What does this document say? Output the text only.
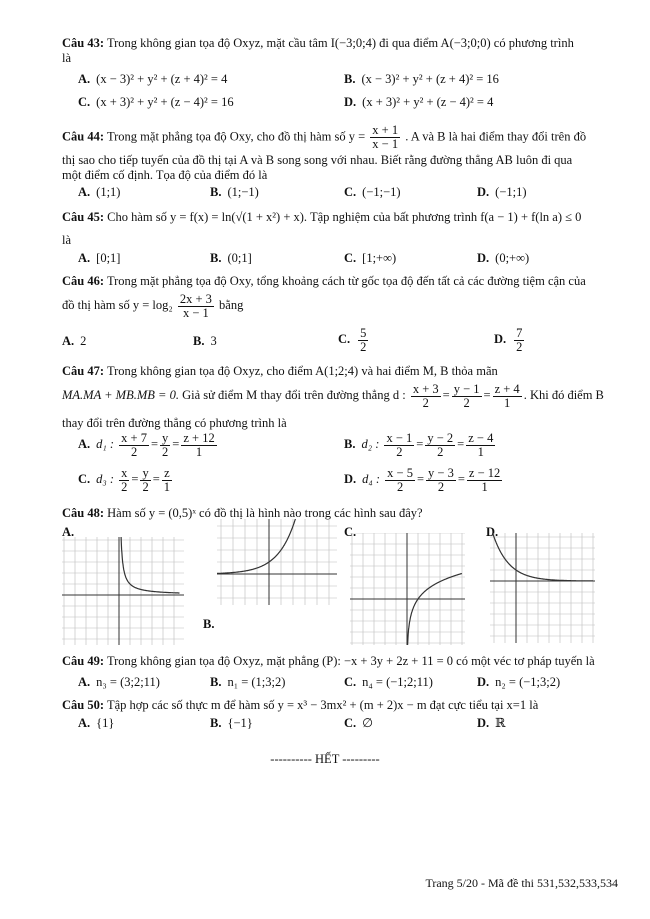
Câu 43: Trong không gian tọa độ Oxyz, mặt cầu tâm I(−3;0;4) đi qua điểm A(−3;0;0) có phương trình
là
A. (x − 3)² + y² + (z + 4)² = 4	B. (x − 3)² + y² + (z + 4)² = 16
C. (x + 3)² + y² + (z − 4)² = 16	D. (x + 3)² + y² + (z − 4)² = 4
Câu 44: Trong mặt phẳng tọa độ Oxy, cho đồ thị hàm số $y = \frac{x + 1}{x - 1}$ . A và B là hai điểm thay đổi trên đồ
thị sao cho tiếp tuyến của đồ thị tại A và B song song với nhau. Biết rằng đường thẳng AB luôn đi qua
một điểm cố định. Tọa độ của điểm đó là
A. (1;1)	B. (1;−1)	C. (−1;−1)	D. (−1;1)
Câu 45: Cho hàm số y = f(x) = ln(√(1 + x²) + x). Tập nghiệm của bất phương trình f(a − 1) + f(ln a) ≤ 0
là
A. [0;1]	B. (0;1]	C. [1;+∞)	D. (0;+∞)
Câu 46: Trong mặt phẳng tọa độ Oxy, tổng khoảng cách từ gốc tọa độ đến tất cả các đường tiệm cận của
đồ thị hàm số $y = \log_2 \frac{2x + 3}{x - 1}$ bằng
A. 2	B. 3	C. $\frac{5}{2}$	D. $\frac{7}{2}$
Câu 47: Trong không gian tọa độ Oxyz, cho điểm A(1;2;4) và hai điểm M, B thỏa mãn
MA.MA + MB.MB = 0. Giả sử điểm M thay đổi trên đường thẳng d : $\frac{x + 3}{2} = \frac{y - 1}{2} = \frac{z + 4}{1}$ . Khi đó điểm B
thay đổi trên đường thẳng có phương trình là
A. d₁ : $\frac{x + 7}{2} = \frac{y}{2} = \frac{z + 12}{1}$	B. d₂ : $\frac{x - 1}{2} = \frac{y - 2}{2} = \frac{z - 4}{1}$
C. d₃ : $\frac{x}{2} = \frac{y}{2} = \frac{z}{1}$	D. d₄ : $\frac{x - 5}{2} = \frac{y - 3}{2} = \frac{z - 12}{1}$
Câu 48: Hàm số y = (0,5)ˣ có đồ thị là hình nào trong các hình sau đây?
A.
B.
C.	D.
Câu 49: Trong không gian tọa độ Oxyz, mặt phẳng (P): −x + 3y + 2z + 11 = 0 có một véc tơ pháp tuyến là
A. n₃ = (3;2;11)	B. n₁ = (1;3;2)	C. n₄ = (−1;2;11)	D. n₂ = (−1;3;2)
Câu 50: Tập hợp các số thực m để hàm số y = x³ − 3mx² + (m + 2)x − m đạt cực tiểu tại x=1 là
A. {1}	B. {−1}	C. ∅	D. ℝ
---------- HẾT ---------
Trang 5/20 - Mã đề thi 531,532,533,534
